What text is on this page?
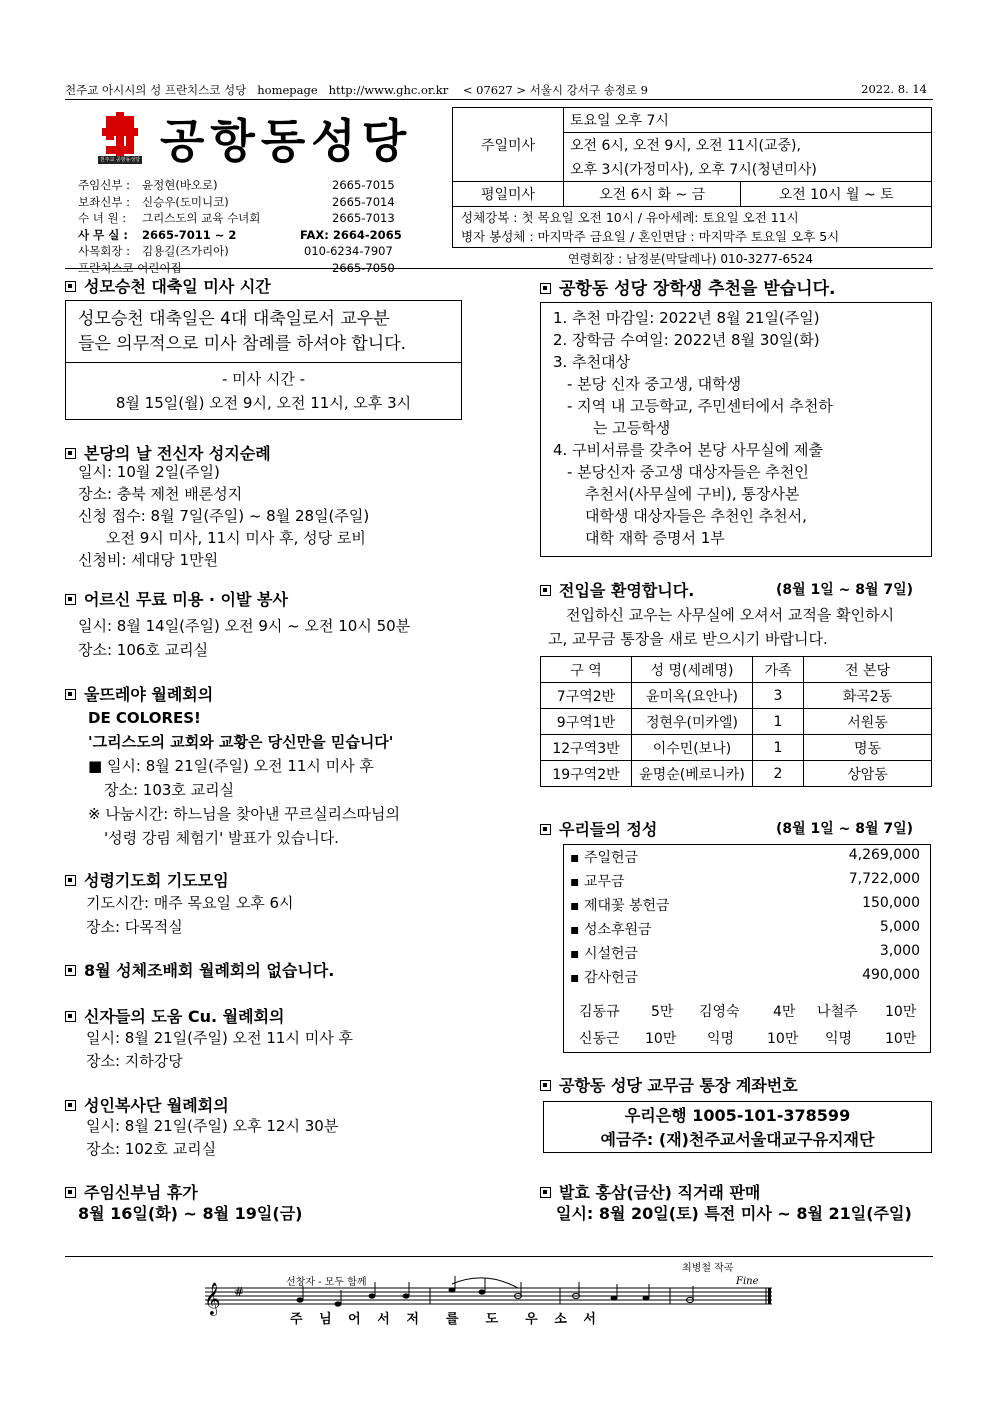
천주교 아시시의 성 프란치스코 성당 homepage http://www.ghc.or.kr < 07627 > 서울시 강서구 송정로 9	2022. 8. 14
천주교 공항동성당 공항동성당
주임신부 : 윤정현(바오로)	2665-7015
보좌신부 : 신승우(도미니코)	2665-7014
수 녀 원 : 그리스도의 교육 수녀회	2665-7013
사 무 실 : 2665-7011 ~ 2	FAX: 2664-2065
사목회장 : 김용길(즈가리아)	010-6234-7907
프란치스코 어린이집	2665-7050
주일미사	토요일 오후 7시	
	오전 6시, 오전 9시, 오전 11시(교중),	
	오후 3시(가정미사), 오후 7시(청년미사)	
평일미사	오전 6시 화 ~ 금	오전 10시 월 ~ 토

성체강복 : 첫 목요일 오전 10시 / 유아세례: 토요일 오전 11시
병자 봉성체 : 마지막주 금요일 / 혼인면담 : 마지막주 토요일 오후 5시		
연령회장 : 남정분(막달레나) 010-3277-6524
성모승천 대축일 미사 시간
성모승천 대축일은 4대 대축일로서 교우분
들은 의무적으로 미사 참례를 하셔야 합니다.
- 미사 시간 -
8월 15일(월) 오전 9시, 오전 11시, 오후 3시
본당의 날 전신자 성지순례
일시: 10월 2일(주일)
장소: 충북 제천 배론성지
신청 접수: 8월 7일(주일) ~ 8월 28일(주일)
오전 9시 미사, 11시 미사 후, 성당 로비
신청비: 세대당 1만원
어르신 무료 미용 · 이발 봉사
일시: 8월 14일(주일) 오전 9시 ~ 오전 10시 50분
장소: 106호 교리실
울뜨레야 월례회의
DE COLORES!
'그리스도의 교회와 교황은 당신만을 믿습니다'
■ 일시: 8월 21일(주일) 오전 11시 미사 후
장소: 103호 교리실
※ 나눔시간: 하느님을 찾아낸 꾸르실리스따님의
'성령 강림 체험기' 발표가 있습니다.
성령기도회 기도모임
기도시간: 매주 목요일 오후 6시
장소: 다목적실
8월 성체조배회 월례회의 없습니다.
신자들의 도움 Cu. 월례회의
일시: 8월 21일(주일) 오전 11시 미사 후
장소: 지하강당
성인복사단 월례회의
일시: 8월 21일(주일) 오후 12시 30분
장소: 102호 교리실
주임신부님 휴가
8월 16일(화) ~ 8월 19일(금)
공항동 성당 장학생 추천을 받습니다.
1. 추천 마감일: 2022년 8월 21일(주일)
2. 장학금 수여일: 2022년 8월 30일(화)
3. 추천대상
- 본당 신자 중고생, 대학생
- 지역 내 고등학교, 주민센터에서 추천하
는 고등학생
4. 구비서류를 갖추어 본당 사무실에 제출
- 본당신자 중고생 대상자들은 추천인
추천서(사무실에 구비), 통장사본
대학생 대상자들은 추천인 추천서,
대학 재학 증명서 1부
전입을 환영합니다.	(8월 1일 ~ 8월 7일)
전입하신 교우는 사무실에 오셔서 교적을 확인하시
고, 교무금 통장을 새로 받으시기 바랍니다.
구 역	성 명(세례명)	가족	전 본당
7구역2반	윤미옥(요안나)	3	화곡2동
9구역1반	정현우(미카엘)	1	서원동
12구역3반	이수민(보나)	1	명동
19구역2반	윤명순(베로니카)	2	상암동
우리들의 정성	(8월 1일 ~ 8월 7일)
▪ 주일헌금	4,269,000
▪ 교무금	7,722,000
▪ 제대꽃 봉헌금	150,000
▪ 성소후원금	5,000
▪ 시설헌금	3,000
▪ 감사헌금	490,000
김동규 5만 김영숙 4만 나철주 10만
신동근 10만 익명 10만 익명 10만
공항동 성당 교무금 통장 계좌번호
우리은행 1005-101-378599
예금주: (재)천주교서울대교구유지재단
발효 홍삼(금산) 직거래 판매
일시: 8월 20일(토) 특전 미사 ~ 8월 21일(주일)
최병철 작곡
선창자 - 모두 함께
𝄞 #
Fine
주 님 어 서 저  를  도  우 소 서
